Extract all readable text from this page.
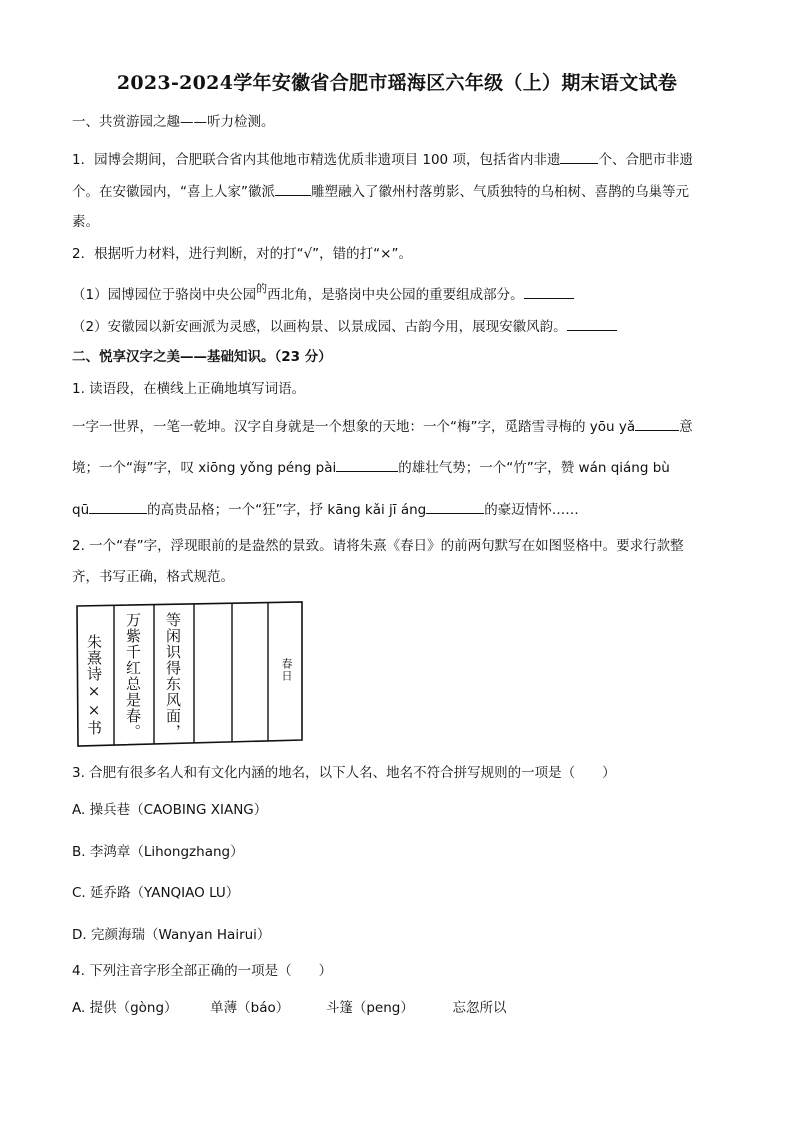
2023-2024学年安徽省合肥市瑶海区六年级（上）期末语文试卷
一、共赏游园之趣——听力检测。
1．园博会期间，合肥联合省内其他地市精选优质非遗项目 100 项，包括省内非遗	个、合肥市非遗
个。在安徽园内，“喜上人家”徽派	雕塑融入了徽州村落剪影、气质独特的乌桕树、喜鹊的乌巢等元
素。
2．根据听力材料，进行判断，对的打“√”，错的打“×”。
（1）园博园位于骆岗中央公园$^的$西北角，是骆岗中央公园的重要组成部分。
（2）安徽园以新安画派为灵感，以画构景、以景成园、古韵今用，展现安徽风韵。
二、悦享汉字之美——基础知识。（23 分）
1. 读语段，在横线上正确地填写词语。
一字一世界，一笔一乾坤。汉字自身就是一个想象的天地：一个“梅”字，觅踏雪寻梅的 yōu yǎ	意
境；一个“海”字，叹 xiōng yǒng péng pài	的雄壮气势；一个“竹”字，赞 wán qiáng bù
qū	的高贵品格；一个“狂”字，抒 kāng kǎi jī áng	的豪迈情怀……
2. 一个“春”字，浮现眼前的是盎然的景致。请将朱熹《春日》的前两句默写在如图竖格中。要求行款整
齐，书写正确，格式规范。
朱熹诗××书 万紫千红总是春。 等闲识得东风面，	春日
3. 合肥有很多名人和有文化内涵的地名，以下人名、地名不符合拼写规则的一项是（　　）
A. 操兵巷（CAOBING XIANG）
B. 李鸿章（Lihongzhang）
C. 延乔路（YANQIAO LU）
D. 完颜海瑞（Wanyan Hairui）
4. 下列注音字形全部正确的一项是（　　）
A. 提供（gòng） 单薄（báo）	斗篷（peng）	忘忽所以
